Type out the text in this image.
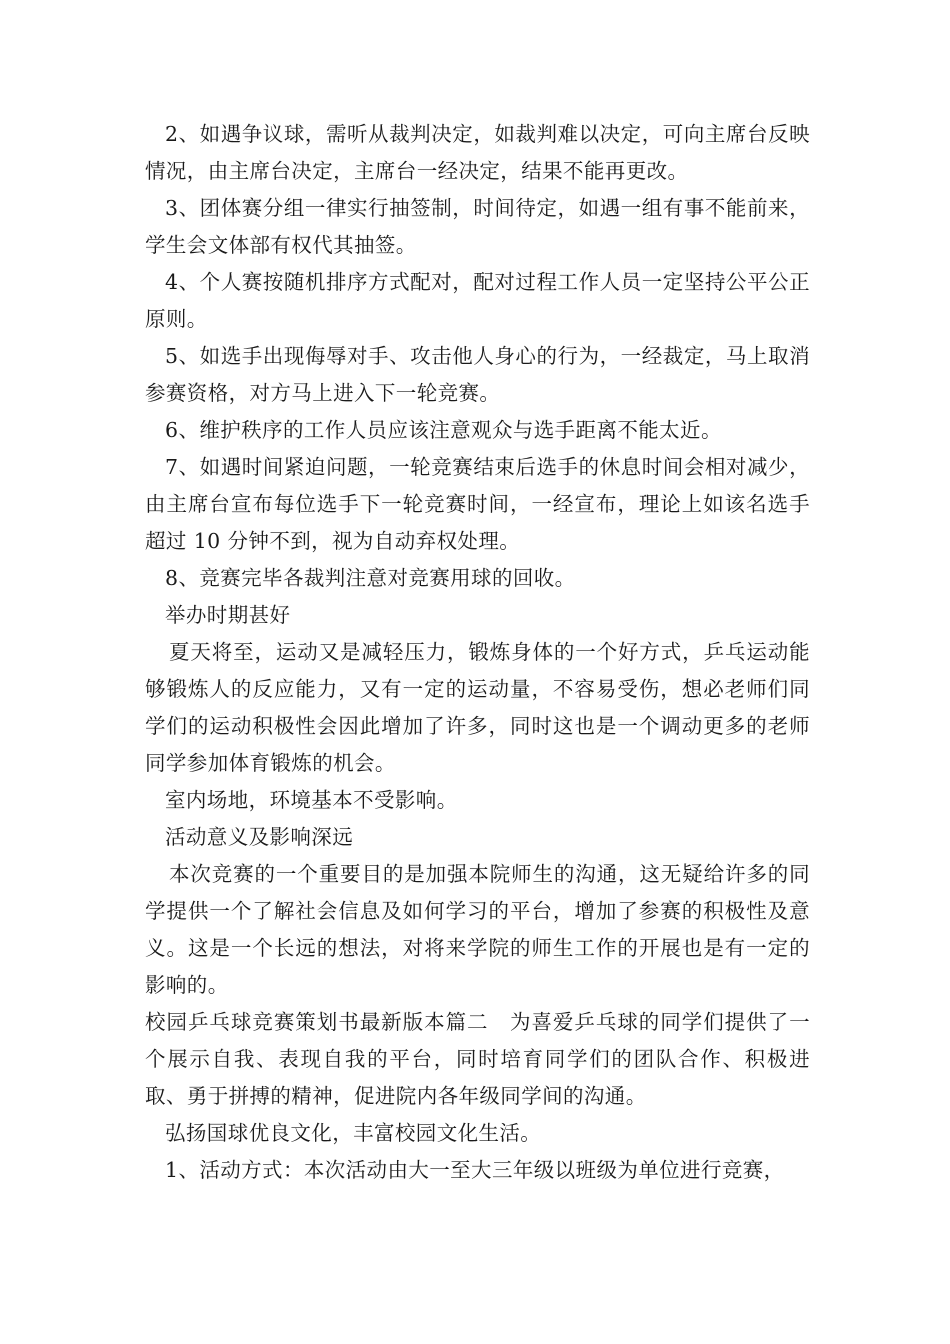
2、如遇争议球，需听从裁判决定，如裁判难以决定，可向主席台反映情况，由主席台决定，主席台一经决定，结果不能再更改。

3、团体赛分组一律实行抽签制，时间待定，如遇一组有事不能前来，学生会文体部有权代其抽签。

4、个人赛按随机排序方式配对，配对过程工作人员一定坚持公平公正原则。

5、如选手出现侮辱对手、攻击他人身心的行为，一经裁定，马上取消参赛资格，对方马上进入下一轮竞赛。

6、维护秩序的工作人员应该注意观众与选手距离不能太近。

7、如遇时间紧迫问题，一轮竞赛结束后选手的休息时间会相对减少，由主席台宣布每位选手下一轮竞赛时间，一经宣布，理论上如该名选手超过 10 分钟不到，视为自动弃权处理。

8、竞赛完毕各裁判注意对竞赛用球的回收。

举办时期甚好

夏天将至，运动又是减轻压力，锻炼身体的一个好方式，乒乓运动能够锻炼人的反应能力，又有一定的运动量，不容易受伤，想必老师们同学们的运动积极性会因此增加了许多，同时这也是一个调动更多的老师同学参加体育锻炼的机会。

室内场地，环境基本不受影响。

活动意义及影响深远

本次竞赛的一个重要目的是加强本院师生的沟通，这无疑给许多的同学提供一个了解社会信息及如何学习的平台，增加了参赛的积极性及意义。这是一个长远的想法，对将来学院的师生工作的开展也是有一定的影响的。

校园乒乓球竞赛策划书最新版本篇二　为喜爱乒乓球的同学们提供了一个展示自我、表现自我的平台，同时培育同学们的团队合作、积极进取、勇于拼搏的精神，促进院内各年级同学间的沟通。

弘扬国球优良文化，丰富校园文化生活。

1、活动方式：本次活动由大一至大三年级以班级为单位进行竞赛，
